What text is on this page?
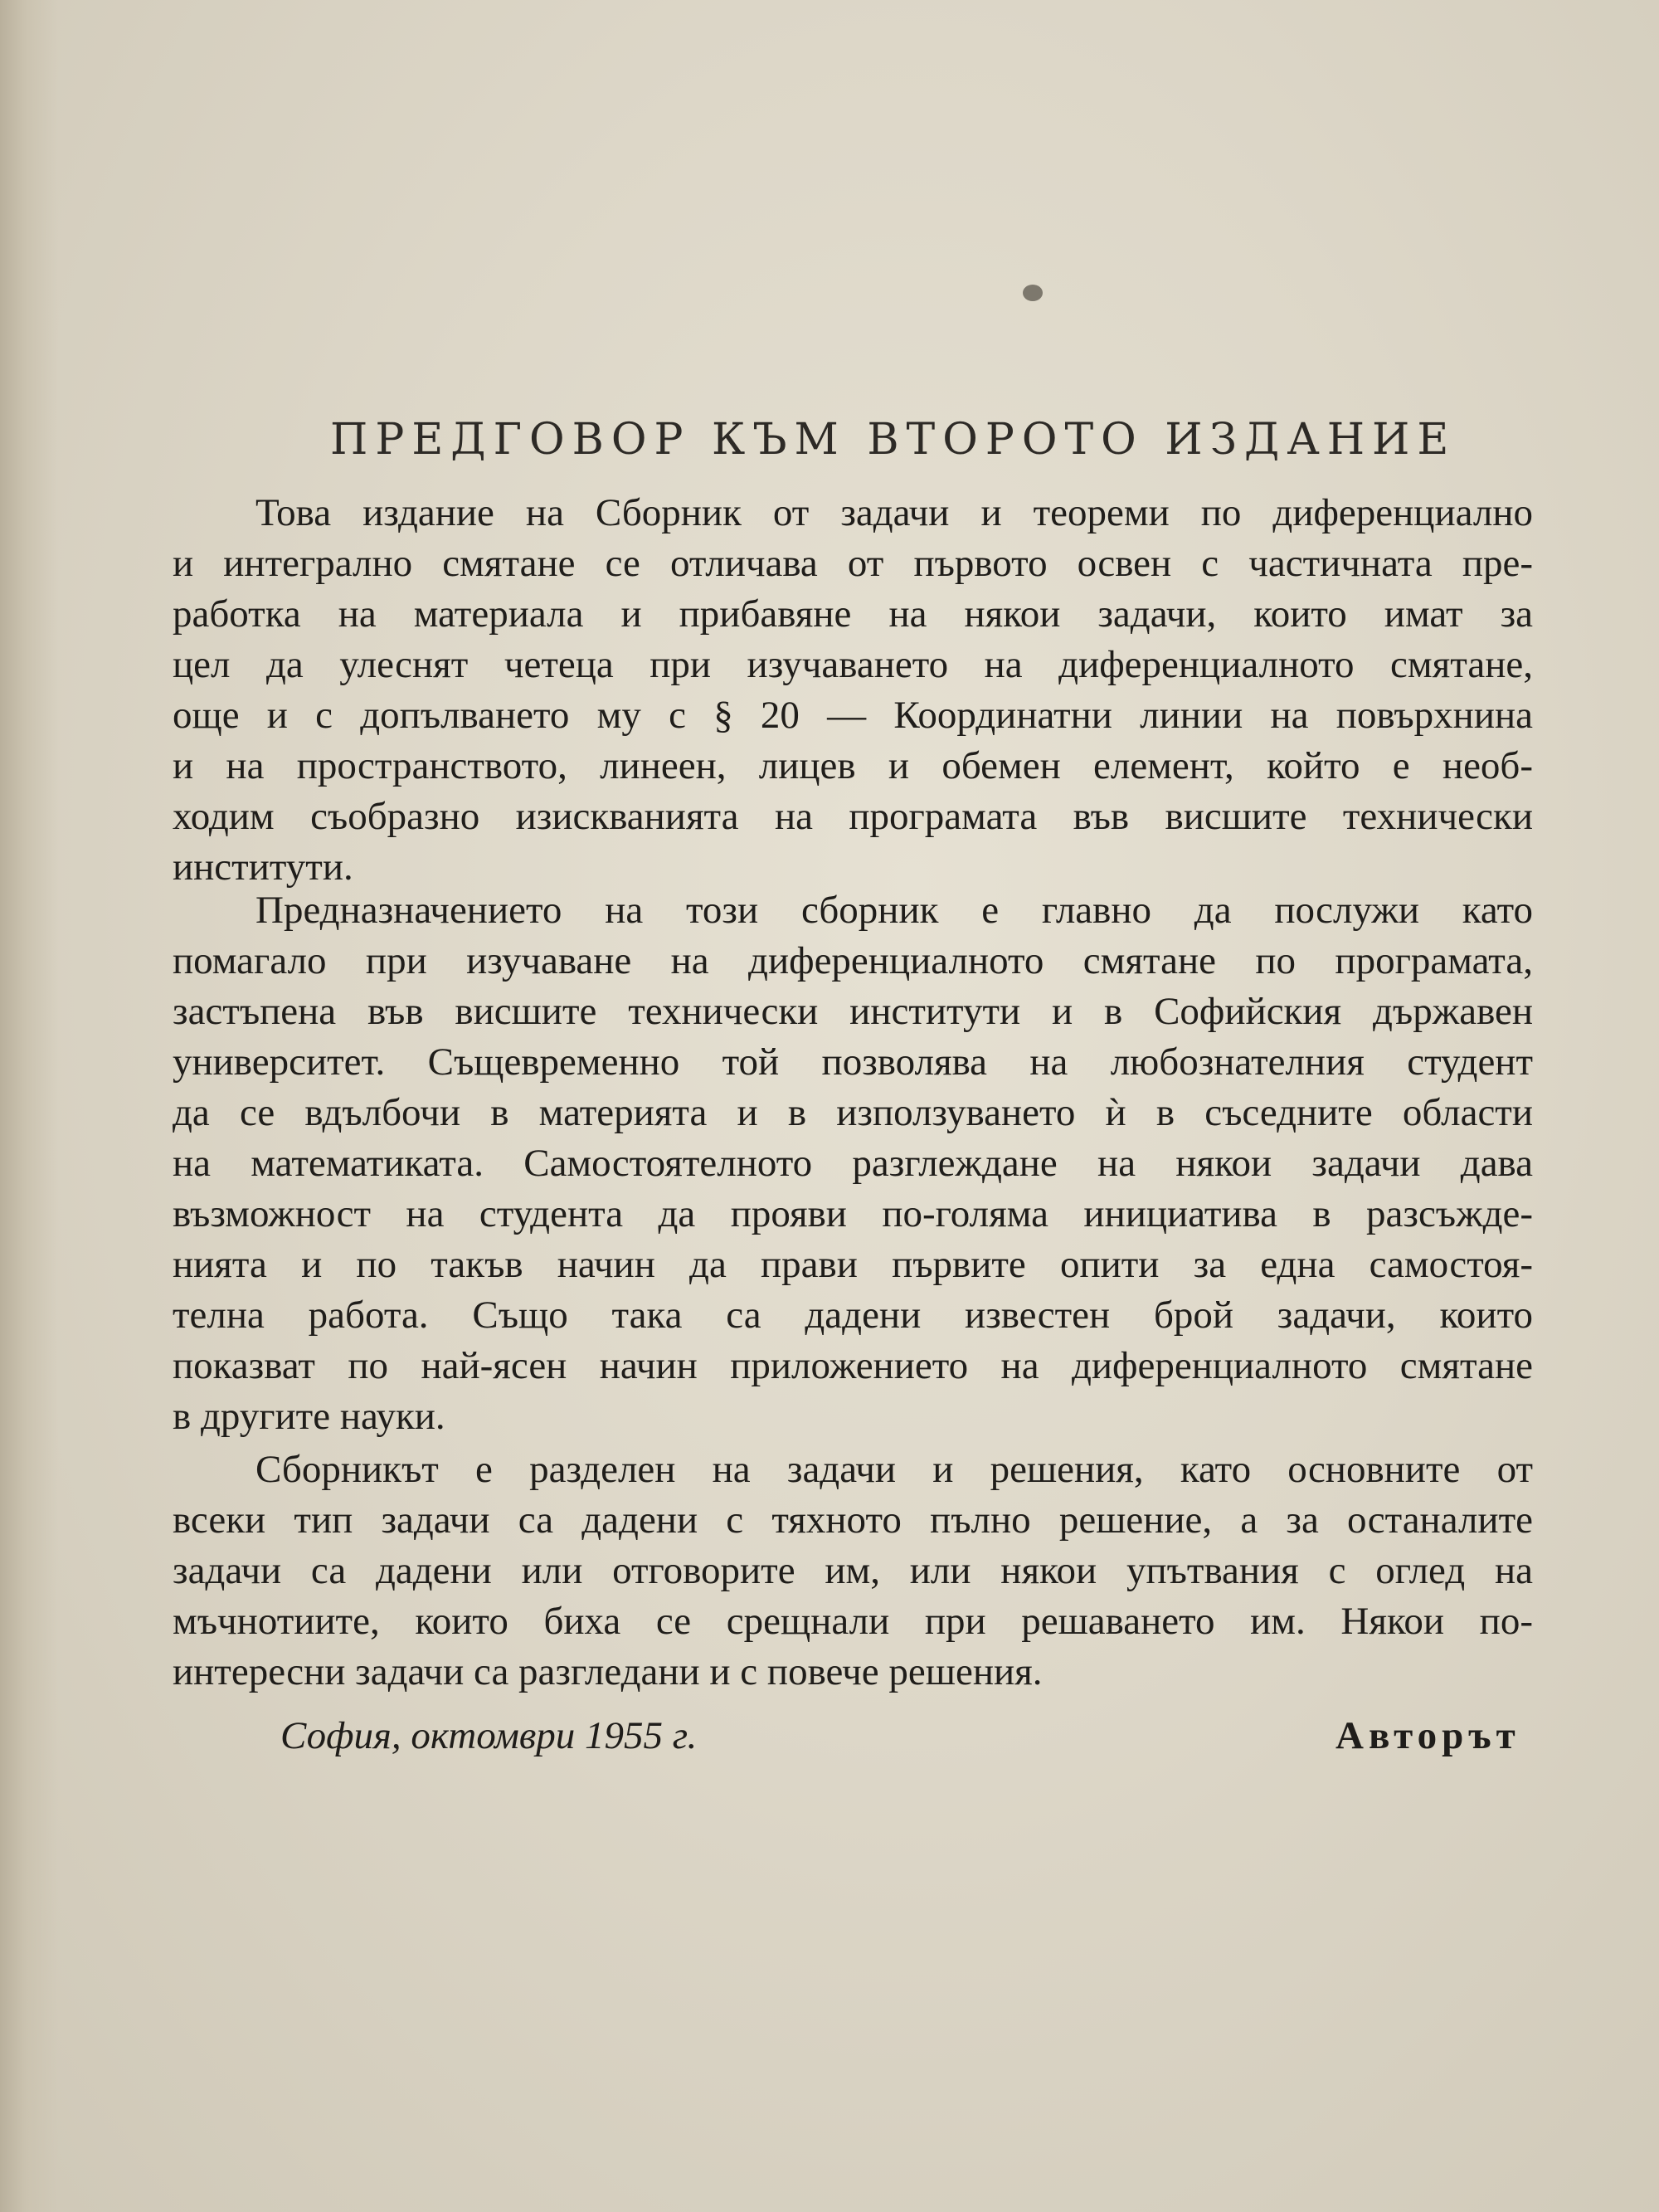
ПРЕДГОВОР КЪМ ВТОРОТО ИЗДАНИЕ
Това издание на Сборник от задачи и теореми по диференциално
и интегрално смятане се отличава от първото освен с частичната пре-
работка на материала и прибавяне на някои задачи, които имат за
цел да улеснят четеца при изучаването на диференциалното смятане,
още и с допълването му с § 20 — Координатни линии на повърхнина
и на пространството, линеен, лицев и обемен елемент, който е необ-
ходим съобразно изискванията на програмата във висшите технически
институти.
Предназначението на този сборник е главно да послужи като
помагало при изучаване на диференциалното смятане по програмата,
застъпена във висшите технически институти и в Софийския държавен
университет. Същевременно той позволява на любознателния студент
да се вдълбочи в материята и в използуването ѝ в съседните области
на математиката. Самостоятелното разглеждане на някои задачи дава
възможност на студента да прояви по-голяма инициатива в разсъжде-
нията и по такъв начин да прави първите опити за една самостоя-
телна работа. Също така са дадени известен брой задачи, които
показват по най-ясен начин приложението на диференциалното смятане
в другите науки.
Сборникът е разделен на задачи и решения, като основните от
всеки тип задачи са дадени с тяхното пълно решение, а за останалите
задачи са дадени или отговорите им, или някои упътвания с оглед на
мъчнотиите, които биха се срещнали при решаването им. Някои по-
интересни задачи са разгледани и с повече решения.
София, октомври 1955 г.	Авторът
